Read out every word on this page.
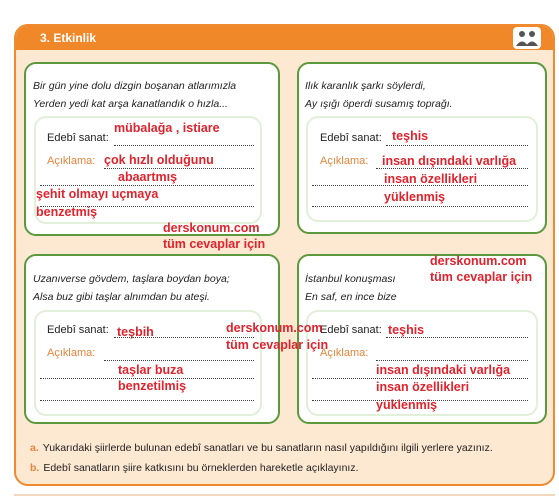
3. Etkinlik
Bir gün yine dolu dizgin boşanan atlarımızla
Yerden yedi kat arşa kanatlandık o hızla...
Edebî sanat:
Açıklama:
mübalağa , istiare
çok hızlı olduğunu
abaartmış
şehit olmayı uçmaya
benzetmiş
Ilık karanlık şarkı söylerdi,
Ay ışığı öperdi susamış toprağı.
Edebî sanat:
Açıklama:
teşhis
insan dışındaki varlığa
insan özellikleri
yüklenmiş
Uzanıverse gövdem, taşlara boydan boya;
Alsa buz gibi taşlar alnımdan bu ateşi.
Edebî sanat:
Açıklama:
teşbih
taşlar buza
benzetilmiş
İstanbul konuşması
En saf, en ince bize
Edebî sanat:
Açıklama:
teşhis
insan dışındaki varlığa
insan özellikleri
yüklenmiş
derskonum.com
tüm cevaplar için
derskonum.com
tüm cevaplar için
derskonum.com
tüm cevaplar için
a. Yukarıdaki şiirlerde bulunan edebî sanatları ve bu sanatların nasıl yapıldığını ilgili yerlere yazınız.
b. Edebî sanatların şiire katkısını bu örneklerden hareketle açıklayınız.
